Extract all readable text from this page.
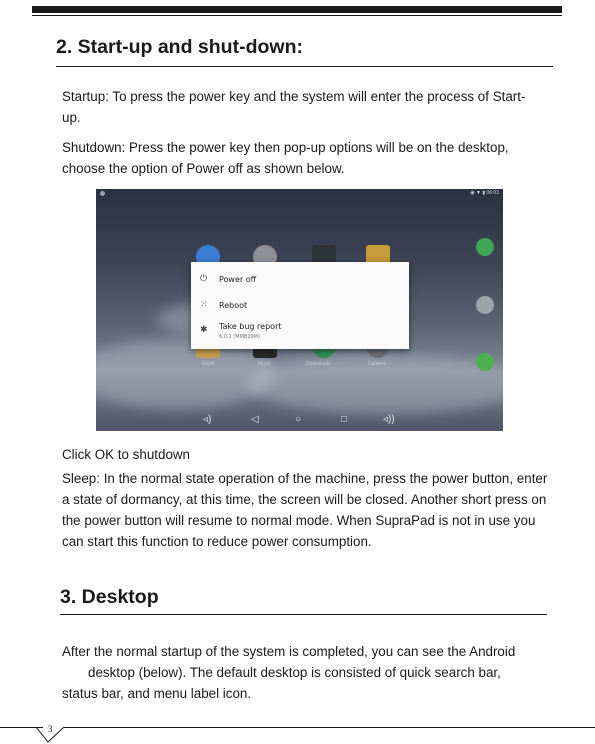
2. Start-up and shut-down:
Startup: To press the power key and the system will enter the process of Start-up.
Shutdown: Press the power key then pop-up options will be on the desktop, choose the option of Power off as shown below.
◉ ▼ ▮ 06:03
Email	Music	Downloads	Camera
⏻ Power off
⁙ Reboot
✱ Take bug report
6.0.1 (MMB29M)
◃)	◁	○	□	◃))
Click OK to shutdown
Sleep: In the normal state operation of the machine, press the power button, enter a state of dormancy, at this time, the screen will be closed. Another short press on the power button will resume to normal mode. When SupraPad is not in use you can start this function to reduce power consumption.
3. Desktop
After the normal startup of the system is completed, you can see the Android
desktop (below). The default desktop is consisted of quick search bar,
status bar, and menu label icon.
3
